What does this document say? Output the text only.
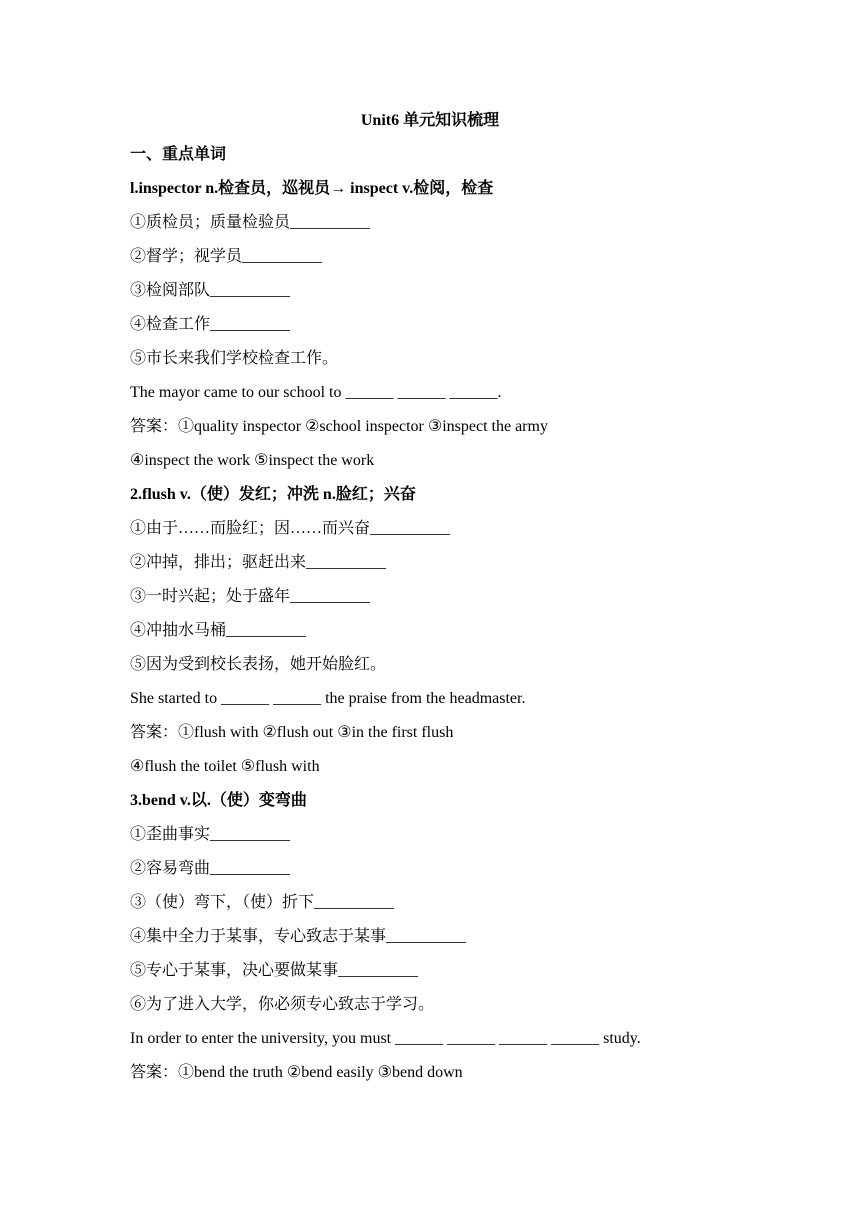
Unit6 单元知识梳理
一、重点单词
l.inspector n.检查员，巡视员→ inspect v.检阅，检查
①质检员；质量检验员__________
②督学；视学员__________
③检阅部队__________
④检查工作__________
⑤市长来我们学校检查工作。
The mayor came to our school to ______ ______ ______.
答案：①quality inspector ②school inspector ③inspect the army
④inspect the work ⑤inspect the work
2.flush v.（使）发红；冲洗 n.脸红；兴奋
①由于……而脸红；因……而兴奋__________
②冲掉，排出；驱赶出来__________
③一时兴起；处于盛年__________
④冲抽水马桶__________
⑤因为受到校长表扬，她开始脸红。
She started to ______ ______ the praise from the headmaster.
答案：①flush with ②flush out ③in the first flush
④flush the toilet ⑤flush with
3.bend v.以.（使）变弯曲
①歪曲事实__________
②容易弯曲__________
③（使）弯下，（使）折下__________
④集中全力于某事，专心致志于某事__________
⑤专心于某事，决心要做某事__________
⑥为了进入大学，你必须专心致志于学习。
In order to enter the university, you must ______ ______ ______ ______ study.
答案：①bend the truth ②bend easily ③bend down
